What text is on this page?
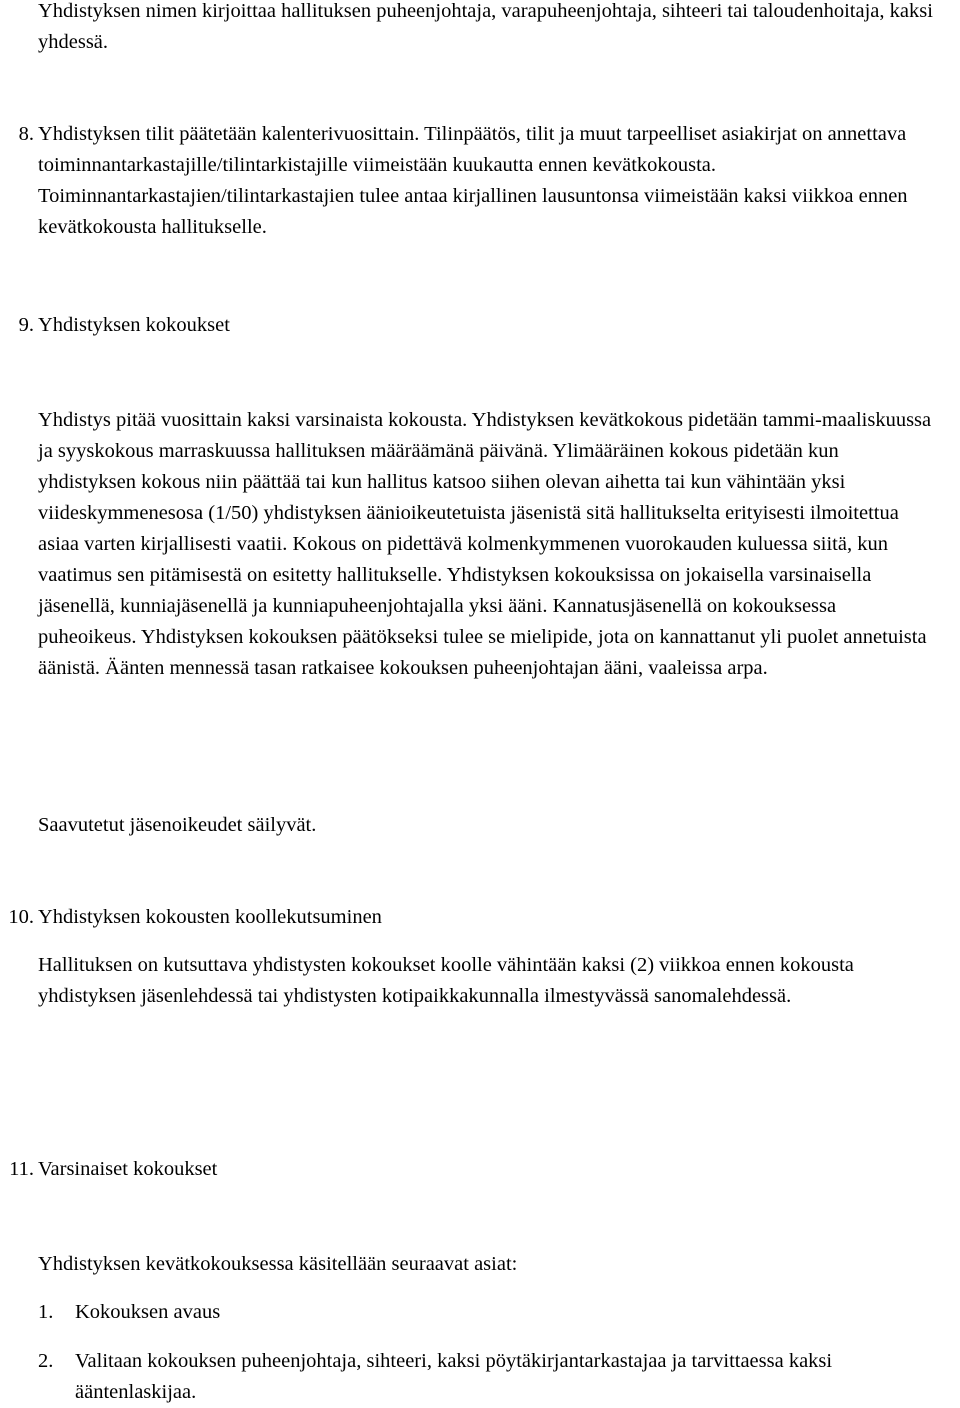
Yhdistyksen nimen kirjoittaa hallituksen puheenjohtaja, varapuheenjohtaja, sihteeri tai taloudenhoitaja, kaksi yhdessä.

8. Yhdistyksen tilit päätetään kalenterivuosittain. Tilinpäätös, tilit ja muut tarpeelliset asiakirjat on annettava toiminnantarkastajille/tilintarkistajille viimeistään kuukautta ennen kevätkokousta. Toiminnantarkastajien/tilintarkastajien tulee antaa kirjallinen lausuntonsa viimeistään kaksi viikkoa ennen kevätkokousta hallitukselle.
9. Yhdistyksen kokoukset

Yhdistys pitää vuosittain kaksi varsinaista kokousta. Yhdistyksen kevätkokous pidetään tammi-maaliskuussa ja syyskokous marraskuussa hallituksen määräämänä päivänä. Ylimääräinen kokous pidetään kun yhdistyksen kokous niin päättää tai kun hallitus katsoo siihen olevan aihetta tai kun vähintään yksi viideskymmenesosa (1/50) yhdistyksen äänioikeutetuista jäsenistä sitä hallitukselta erityisesti ilmoitettua asiaa varten kirjallisesti vaatii. Kokous on pidettävä kolmenkymmenen vuorokauden kuluessa siitä, kun vaatimus sen pitämisestä on esitetty hallitukselle. Yhdistyksen kokouksissa on jokaisella varsinaisella jäsenellä, kunniajäsenellä ja kunniapuheenjohtajalla yksi ääni. Kannatusjäsenellä on kokouksessa puheoikeus. Yhdistyksen kokouksen päätökseksi tulee se mielipide, jota on kannattanut yli puolet annetuista äänistä. Äänten mennessä tasan ratkaisee kokouksen puheenjohtajan ääni, vaaleissa arpa.

Saavutetut jäsenoikeudet säilyvät.

10. Yhdistyksen kokousten koollekutsuminen

Hallituksen on kutsuttava yhdistysten kokoukset koolle vähintään kaksi (2) viikkoa ennen kokousta yhdistyksen jäsenlehdessä tai yhdistysten kotipaikkakunnalla ilmestyvässä sanomalehdessä.

11. Varsinaiset kokoukset

Yhdistyksen kevätkokouksessa käsitellään seuraavat asiat:

1.	Kokouksen avaus
2.	Valitaan kokouksen puheenjohtaja, sihteeri, kaksi pöytäkirjantarkastajaa ja tarvittaessa kaksi ääntenlaskijaa.
